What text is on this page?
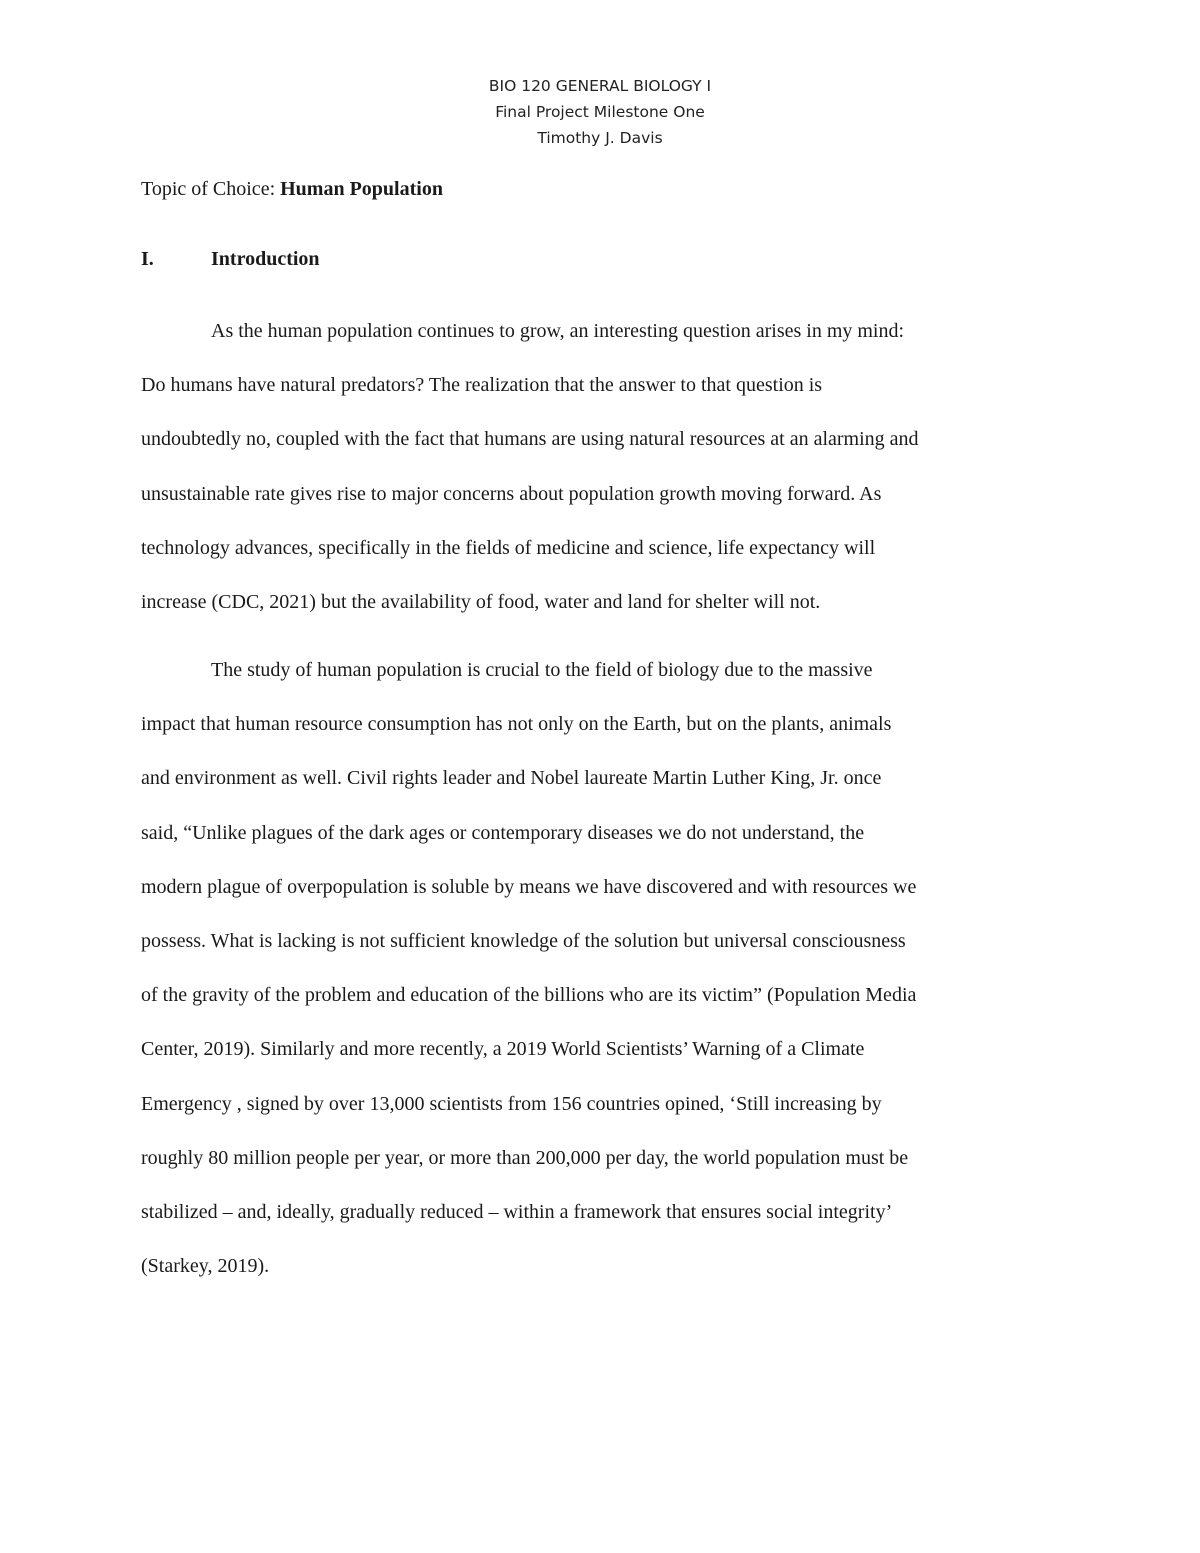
BIO 120 GENERAL BIOLOGY I
Final Project Milestone One
Timothy J. Davis
Topic of Choice: Human Population
I.	Introduction
As the human population continues to grow, an interesting question arises in my mind:
Do humans have natural predators? The realization that the answer to that question is
undoubtedly no, coupled with the fact that humans are using natural resources at an alarming and
unsustainable rate gives rise to major concerns about population growth moving forward. As
technology advances, specifically in the fields of medicine and science, life expectancy will
increase (CDC, 2021) but the availability of food, water and land for shelter will not.
The study of human population is crucial to the field of biology due to the massive
impact that human resource consumption has not only on the Earth, but on the plants, animals
and environment as well. Civil rights leader and Nobel laureate Martin Luther King, Jr. once
said, “Unlike plagues of the dark ages or contemporary diseases we do not understand, the
modern plague of overpopulation is soluble by means we have discovered and with resources we
possess. What is lacking is not sufficient knowledge of the solution but universal consciousness
of the gravity of the problem and education of the billions who are its victim” (Population Media
Center, 2019). Similarly and more recently, a 2019 World Scientists’ Warning of a Climate
Emergency , signed by over 13,000 scientists from 156 countries opined, ‘Still increasing by
roughly 80 million people per year, or more than 200,000 per day, the world population must be
stabilized – and, ideally, gradually reduced – within a framework that ensures social integrity’
(Starkey, 2019).
